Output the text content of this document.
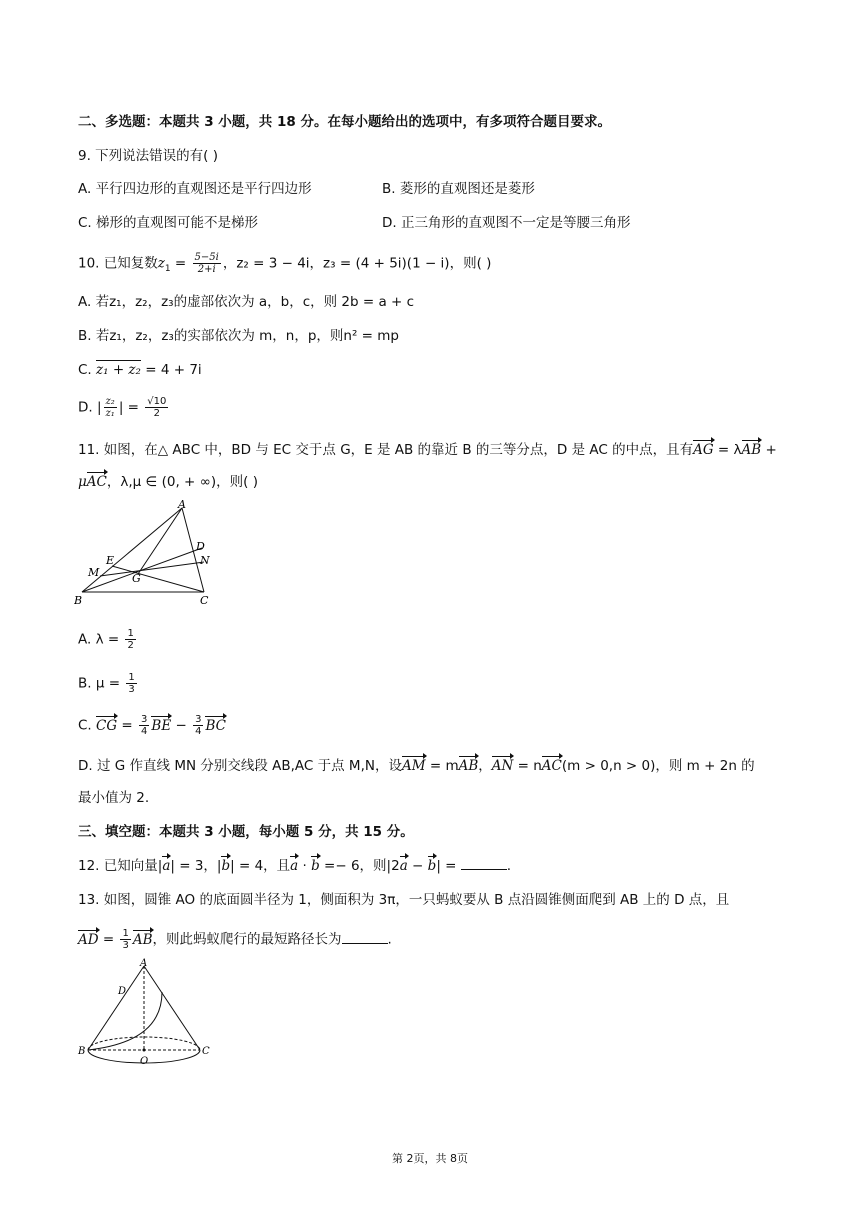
二、多选题：本题共 3 小题，共 18 分。在每小题给出的选项中，有多项符合题目要求。
9. 下列说法错误的有( )
A. 平行四边形的直观图还是平行四边形	B. 菱形的直观图还是菱形
C. 梯形的直观图可能不是梯形	D. 正三角形的直观图不一定是等腰三角形
10. 已知复数$z_1 = \frac{5-5i}{2+i}$ ，z₂ = 3 − 4i，z₃ = (4 + 5i)(1 − i)，则( )
A. 若z₁，z₂，z₃的虚部依次为 a，b，c，则 2b = a + c
B. 若z₁，z₂，z₃的实部依次为 m，n，p，则n² = mp
C. z₁ + z₂ = 4 + 7i
D. | $\frac{\text{z₂}}{\text{z₁}}$ | = $\frac{√10}{2}$
11. 如图，在△ ABC 中，BD 与 EC 交于点 G，E 是 AB 的靠近 B 的三等分点，D 是 AC 的中点，且有AG = λAB +
μAC，λ,μ ∈ (0, + ∞)，则( )
A
B	C
D
E
G
M
N
A. $\lambda = \frac{1}{2}$
B. $\mu = \frac{1}{3}$
C. CG = $\frac{3}{4}$ BE − $\frac{3}{4}$ BC
D. 过 G 作直线 MN 分别交线段 AB,AC 于点 M,N，设AM = mAB，AN = nAC(m > 0,n > 0)，则 m + 2n 的
最小值为 2.
三、填空题：本题共 3 小题，每小题 5 分，共 15 分。
12. 已知向量|a| = 3，|b| = 4，且a · b =− 6，则|2a − b| =	.
13. 如图，圆锥 AO 的底面圆半径为 1，侧面积为 3π，一只蚂蚁要从 B 点沿圆锥侧面爬到 AB 上的 D 点，且
AD = $\frac{1}{3}$ AB，则此蚂蚁爬行的最短路径长为	.
A
B	C
D
O
第 2页，共 8页
